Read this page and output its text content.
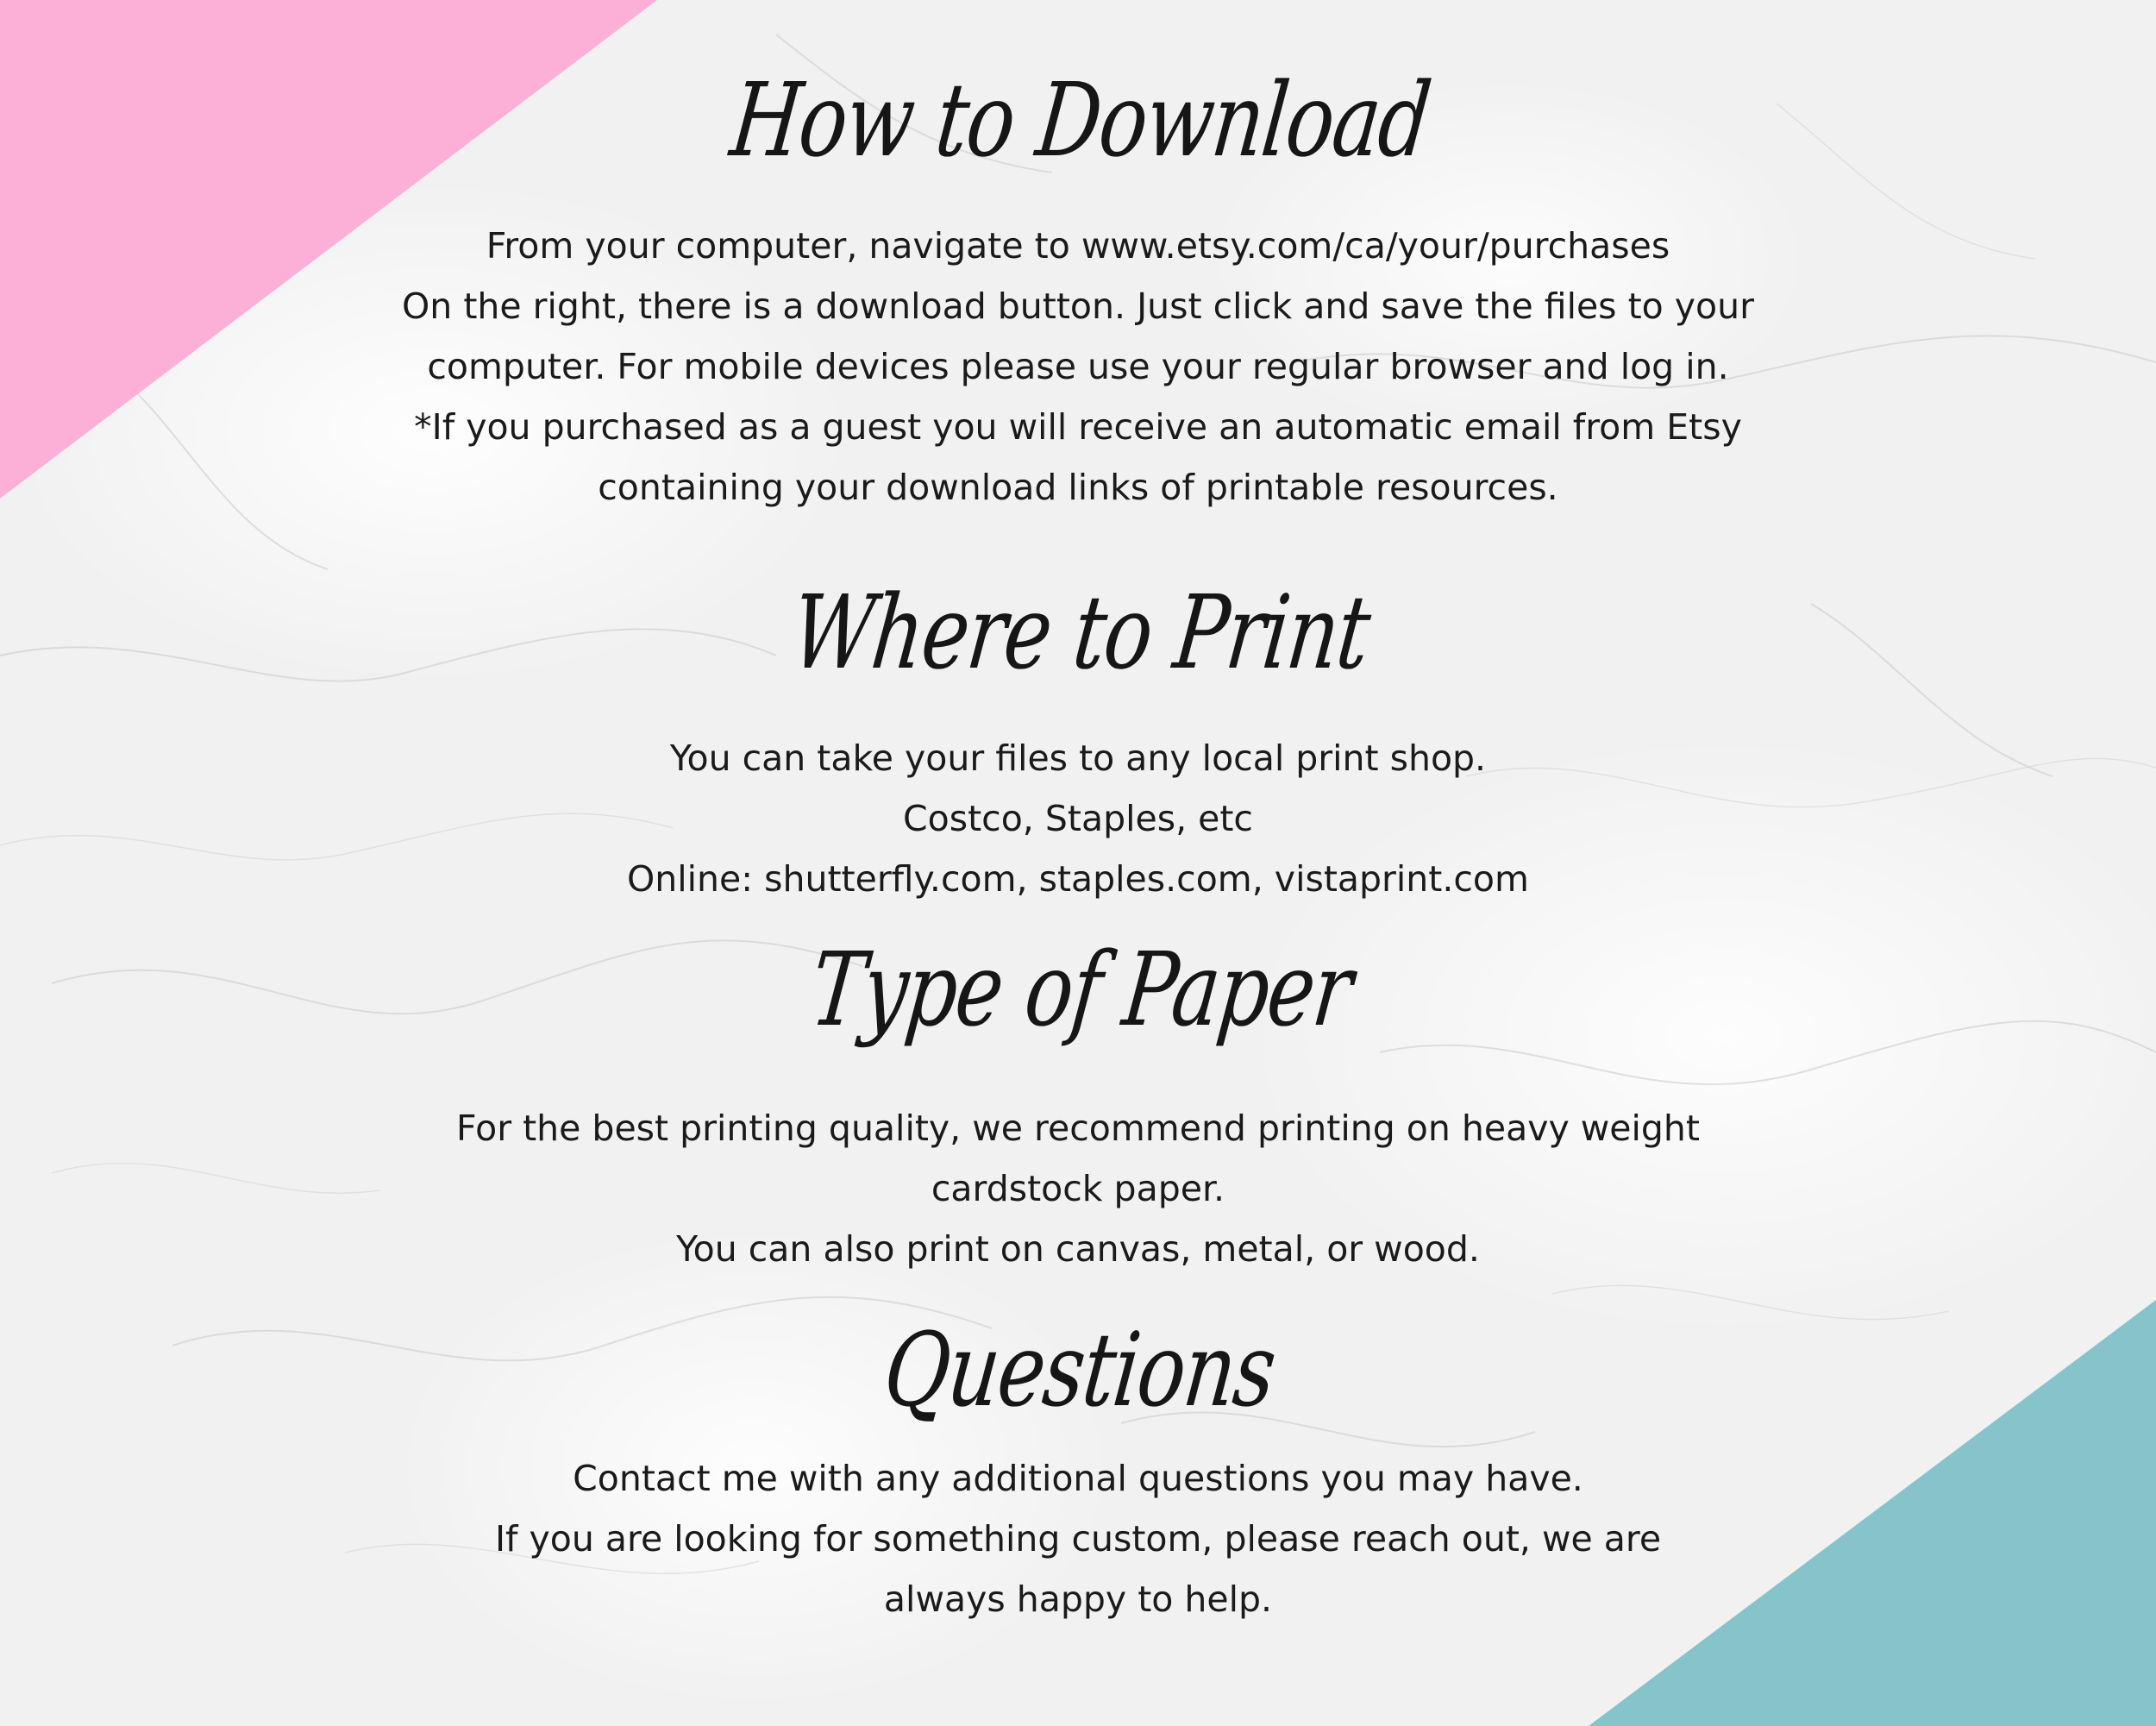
How to Download
From your computer, navigate to www.etsy.com/ca/your/purchases
On the right, there is a download button. Just click and save the files to your
computer. For mobile devices please use your regular browser and log in.
*If you purchased as a guest you will receive an automatic email from Etsy
containing your download links of printable resources.
Where to Print
You can take your files to any local print shop.
Costco, Staples, etc
Online: shutterfly.com, staples.com, vistaprint.com
Type of Paper
For the best printing quality, we recommend printing on heavy weight
cardstock paper.
You can also print on canvas, metal, or wood.
Questions
Contact me with any additional questions you may have.
If you are looking for something custom, please reach out, we are
always happy to help.
